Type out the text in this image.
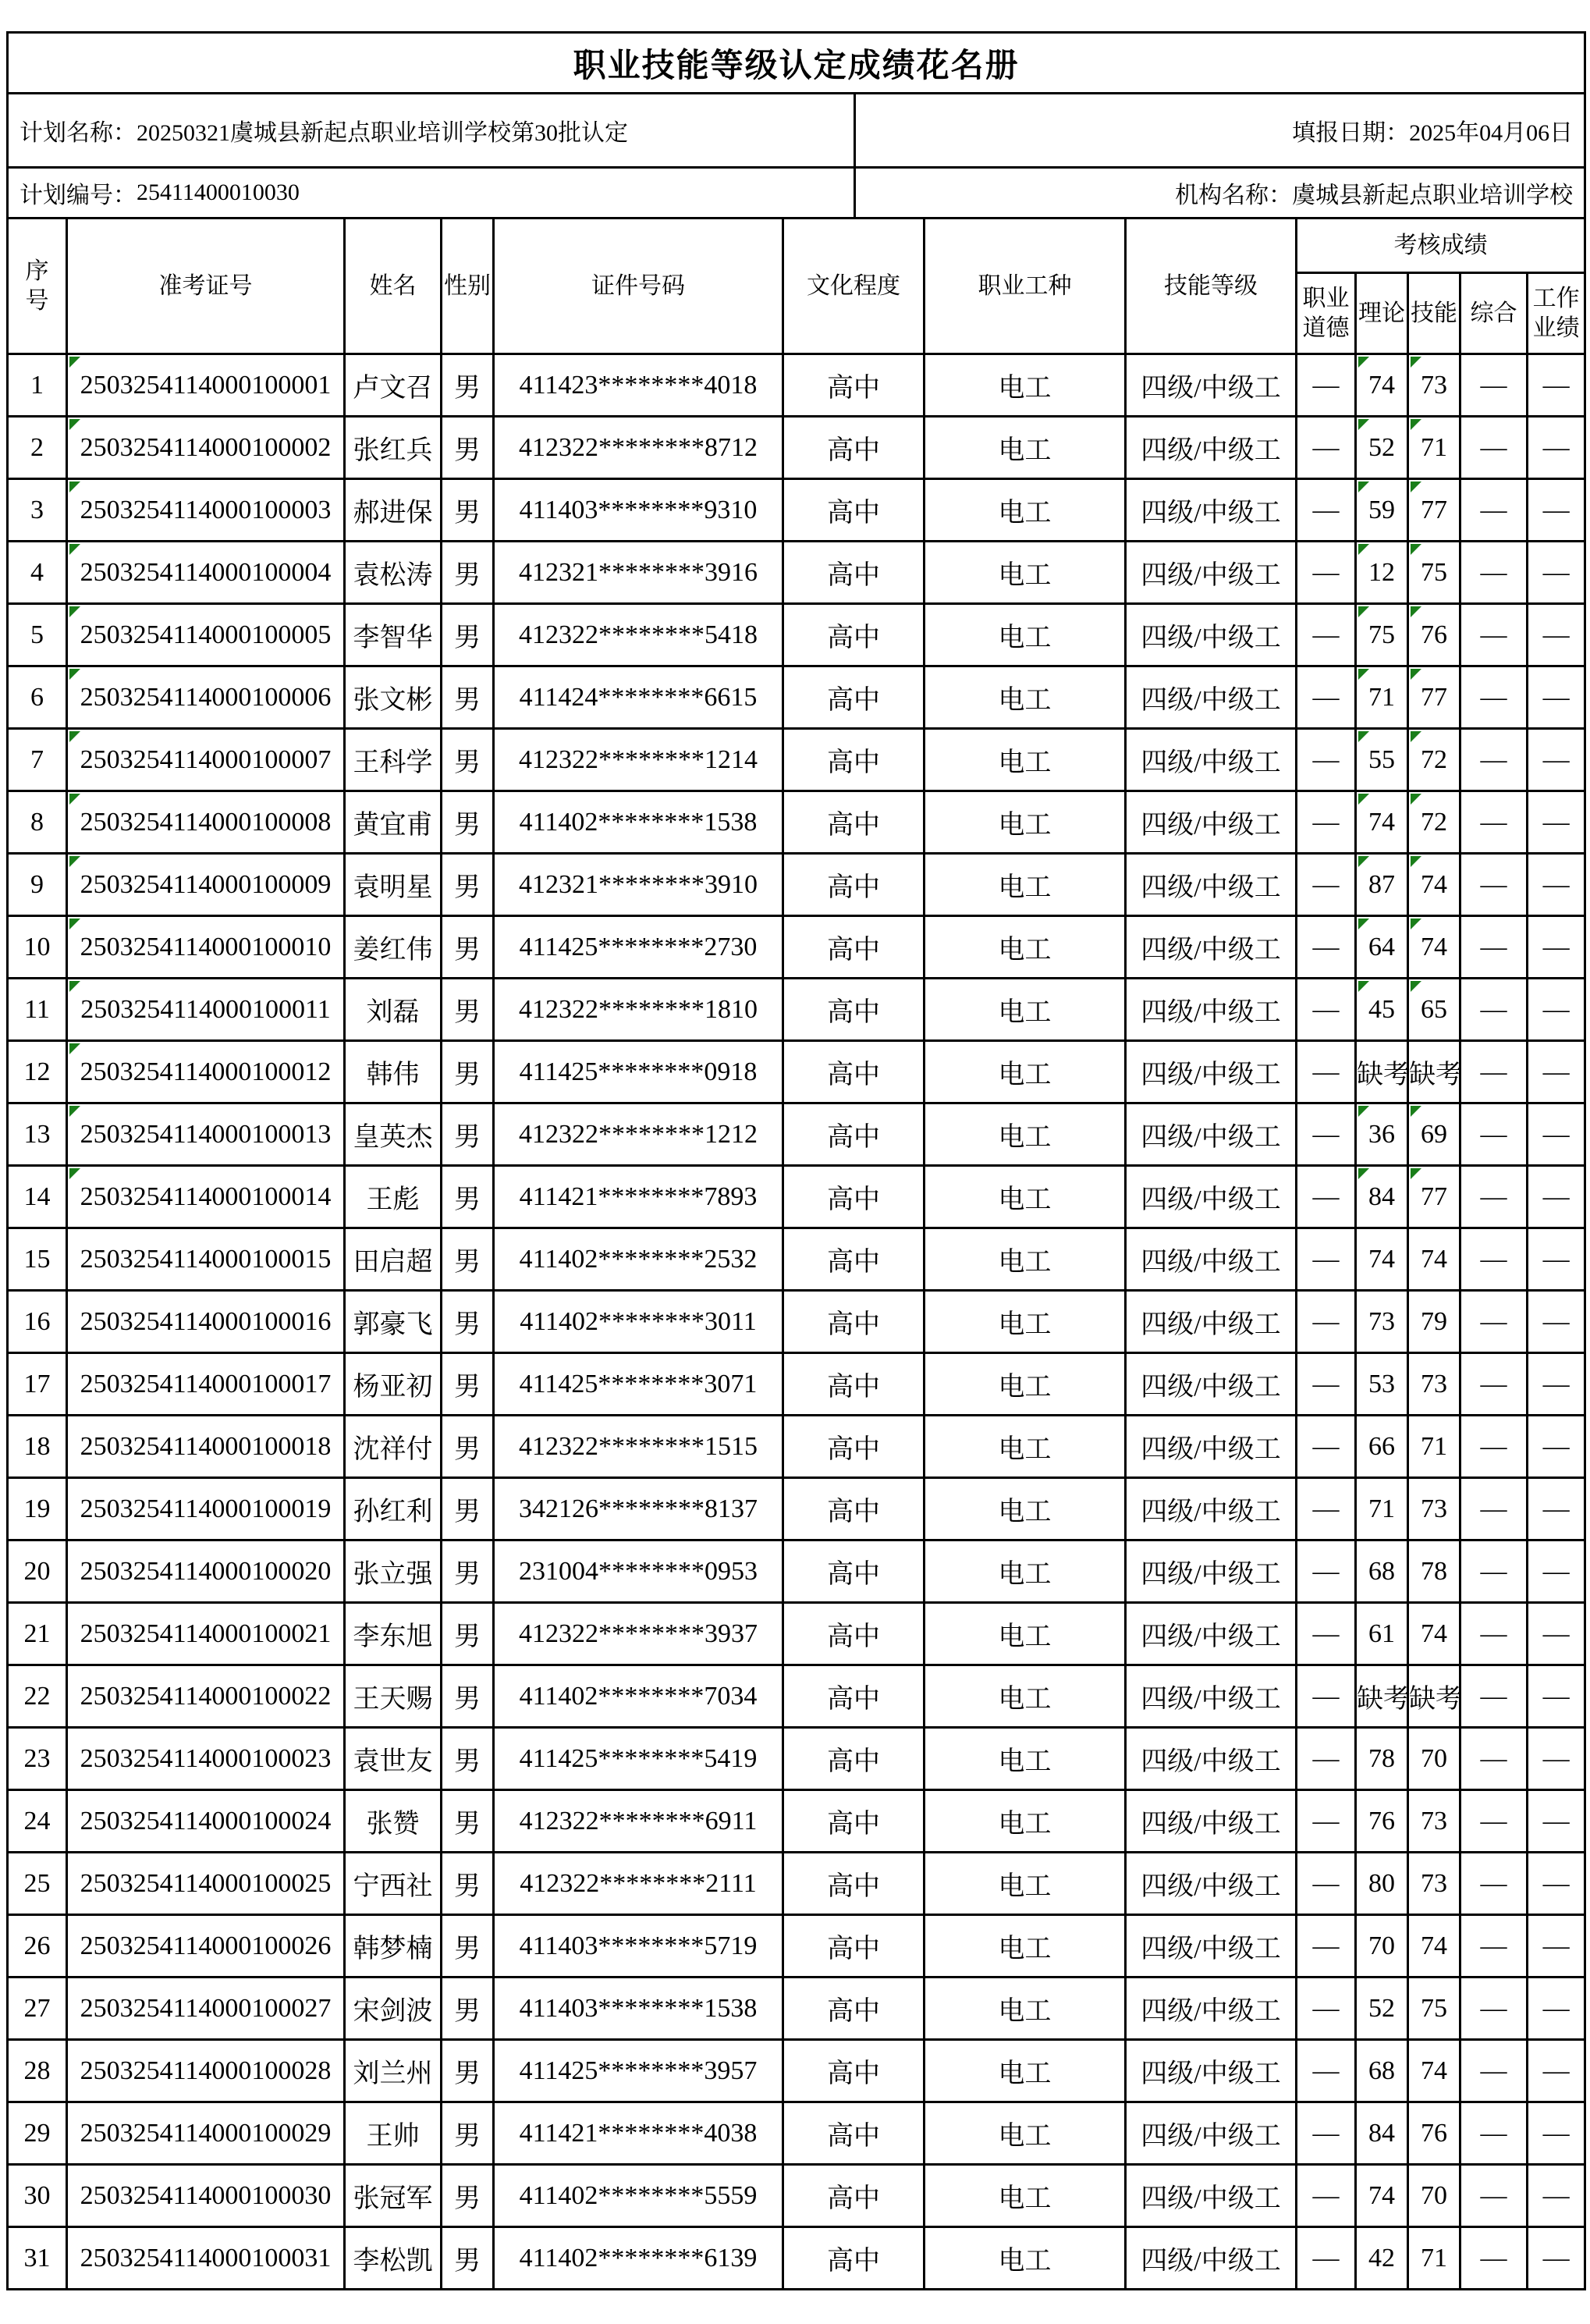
职业技能等级认定成绩花名册												

计划名称： 20250321虞城县新起点职业培训学校第30批认定 填报日期： 2025年04月06日												

计划编号： 25411400010030 机构名称： 虞城县新起点职业培训学校												

序号	准考证号	姓名	性别	证件号码	文化程度	职业工种	技能等级	考核成绩				
								职业道德	理论	技能	综合	工作业绩
1	2503254114000100001	卢文召	男	411423********4018	高中	电工	四级/中级工	—	74	73	—	—
2	2503254114000100002	张红兵	男	412322********8712	高中	电工	四级/中级工	—	52	71	—	—
3	2503254114000100003	郝进保	男	411403********9310	高中	电工	四级/中级工	—	59	77	—	—
4	2503254114000100004	袁松涛	男	412321********3916	高中	电工	四级/中级工	—	12	75	—	—
5	2503254114000100005	李智华	男	412322********5418	高中	电工	四级/中级工	—	75	76	—	—
6	2503254114000100006	张文彬	男	411424********6615	高中	电工	四级/中级工	—	71	77	—	—
7	2503254114000100007	王科学	男	412322********1214	高中	电工	四级/中级工	—	55	72	—	—
8	2503254114000100008	黄宜甫	男	411402********1538	高中	电工	四级/中级工	—	74	72	—	—
9	2503254114000100009	袁明星	男	412321********3910	高中	电工	四级/中级工	—	87	74	—	—
10	2503254114000100010	姜红伟	男	411425********2730	高中	电工	四级/中级工	—	64	74	—	—
11	2503254114000100011	刘磊	男	412322********1810	高中	电工	四级/中级工	—	45	65	—	—
12	2503254114000100012	韩伟	男	411425********0918	高中	电工	四级/中级工	—	缺考	缺考	—	—
13	2503254114000100013	皇英杰	男	412322********1212	高中	电工	四级/中级工	—	36	69	—	—
14	2503254114000100014	王彪	男	411421********7893	高中	电工	四级/中级工	—	84	77	—	—
15	2503254114000100015	田启超	男	411402********2532	高中	电工	四级/中级工	—	74	74	—	—
16	2503254114000100016	郭豪飞	男	411402********3011	高中	电工	四级/中级工	—	73	79	—	—
17	2503254114000100017	杨亚初	男	411425********3071	高中	电工	四级/中级工	—	53	73	—	—
18	2503254114000100018	沈祥付	男	412322********1515	高中	电工	四级/中级工	—	66	71	—	—
19	2503254114000100019	孙红利	男	342126********8137	高中	电工	四级/中级工	—	71	73	—	—
20	2503254114000100020	张立强	男	231004********0953	高中	电工	四级/中级工	—	68	78	—	—
21	2503254114000100021	李东旭	男	412322********3937	高中	电工	四级/中级工	—	61	74	—	—
22	2503254114000100022	王天赐	男	411402********7034	高中	电工	四级/中级工	—	缺考	缺考	—	—
23	2503254114000100023	袁世友	男	411425********5419	高中	电工	四级/中级工	—	78	70	—	—
24	2503254114000100024	张赞	男	412322********6911	高中	电工	四级/中级工	—	76	73	—	—
25	2503254114000100025	宁西社	男	412322********2111	高中	电工	四级/中级工	—	80	73	—	—
26	2503254114000100026	韩梦楠	男	411403********5719	高中	电工	四级/中级工	—	70	74	—	—
27	2503254114000100027	宋剑波	男	411403********1538	高中	电工	四级/中级工	—	52	75	—	—
28	2503254114000100028	刘兰州	男	411425********3957	高中	电工	四级/中级工	—	68	74	—	—
29	2503254114000100029	王帅	男	411421********4038	高中	电工	四级/中级工	—	84	76	—	—
30	2503254114000100030	张冠军	男	411402********5559	高中	电工	四级/中级工	—	74	70	—	—
31	2503254114000100031	李松凯	男	411402********6139	高中	电工	四级/中级工	—	42	71	—	—
